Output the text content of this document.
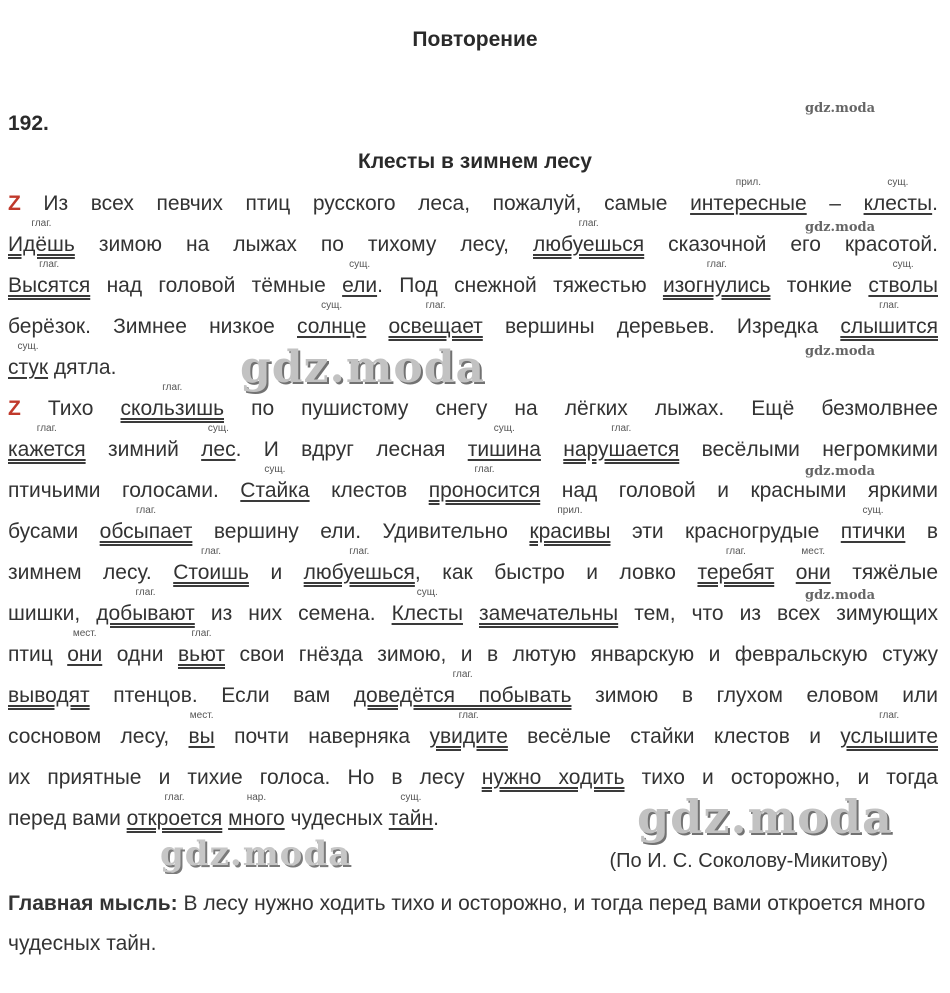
Повторение
192.
Клесты в зимнем лесу
gdz.moda
gdz.moda
gdz.moda
gdz.moda
gdz.moda
Z Из всех певчих птиц русского леса, пожалуй, самые
прил.
интересные –
сущ.
клесты.
глаг.
Идёшь зимою на лыжах по тихому лесу,
глаг.
любуешься сказочной его красотой.
глаг.
Высятся над головой тёмные
сущ.
ели. Под снежной тяжестью
глаг.
изогнулись тонкие
сущ.
стволы
берёзок. Зимнее низкое
сущ.
солнце
глаг.
освещает вершины деревьев. Изредка
глаг.
слышится
сущ.
стук дятла.
Z Тихо
глаг.
скользишь по пушистому снегу на лёгких лыжах. Ещё безмолвнее
глаг.
кажется зимний
сущ.
лес. И вдруг лесная
сущ.
тишина
глаг.
нарушается весёлыми негромкими
птичьими голосами.
сущ.
Стайка клестов
глаг.
проносится над головой и красными яркими
бусами
глаг.
обсыпает вершину ели. Удивительно
прил.
красивы эти красногрудые
сущ.
птички в
зимнем лесу.
глаг.
Стоишь и
глаг.
любуешься, как быстро и ловко
глаг.
теребят
мест.
они тяжёлые
шишки,
глаг.
добывают из них семена.
сущ.
Клесты замечательны тем, что из всех зимующих
птиц
мест.
они одни
глаг.
вьют свои гнёзда зимою, и в лютую январскую и февральскую стужу
выводят птенцов. Если вам
глаг.
доведётся побывать зимою в глухом еловом или
сосновом лесу,
мест.
вы почти наверняка
глаг.
увидите весёлые стайки клестов и
глаг.
услышите
их приятные и тихие голоса. Но в лесу нужно ходить тихо и осторожно, и тогда
перед вами
глаг.
откроется
нар.
много чудесных
сущ.
тайн.
gdz.moda
gdz.moda
gdz.moda	(По И. С. Соколову-Микитову)
Главная мысль: В лесу нужно ходить тихо и осторожно, и тогда перед вами откроется много чудесных тайн.
